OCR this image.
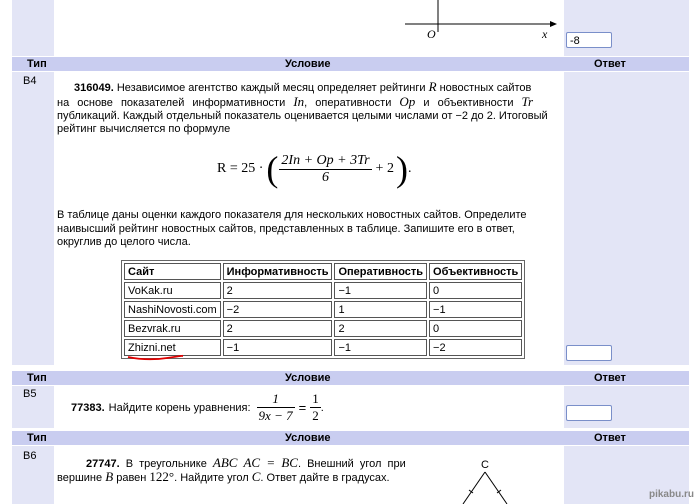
O	x	-8
Тип	Условие	Ответ
B4
316049. Независимое агентство каждый месяц определяет рейтинги R новостных сайтов
на основе показателей информативности In, оперативности Op и объективности Tr
публикаций. Каждый отдельный показатель оценивается целыми числами от −2 до 2. Итоговый
рейтинг вычисляется по формуле
R = 25 · ( $\frac{2In + Op + 3Tr}{6} + 2$ ) .
В таблице даны оценки каждого показателя для нескольких новостных сайтов. Определите
наивысший рейтинг новостных сайтов, представленных в таблице. Запишите его в ответ,
округлив до целого числа.
Сайт	Информативность	Оперативность	Объективность
VoKak.ru	2	−1	0
NashiNovosti.com	−2	1	−1
Bezvrak.ru	2	2	0
Zhizni.net	−1	−1	−2
Тип	Условие	Ответ
B5
77383. Найдите корень уравнения: $\frac{1}{9x - 7} = \frac{1}{2}$ .
Тип	Условие	Ответ
B6
27747. В треугольнике ABC AC = BC. Внешний угол при
вершине B равен 122°. Найдите угол C. Ответ дайте в градусах.
C
pikabu.ru
